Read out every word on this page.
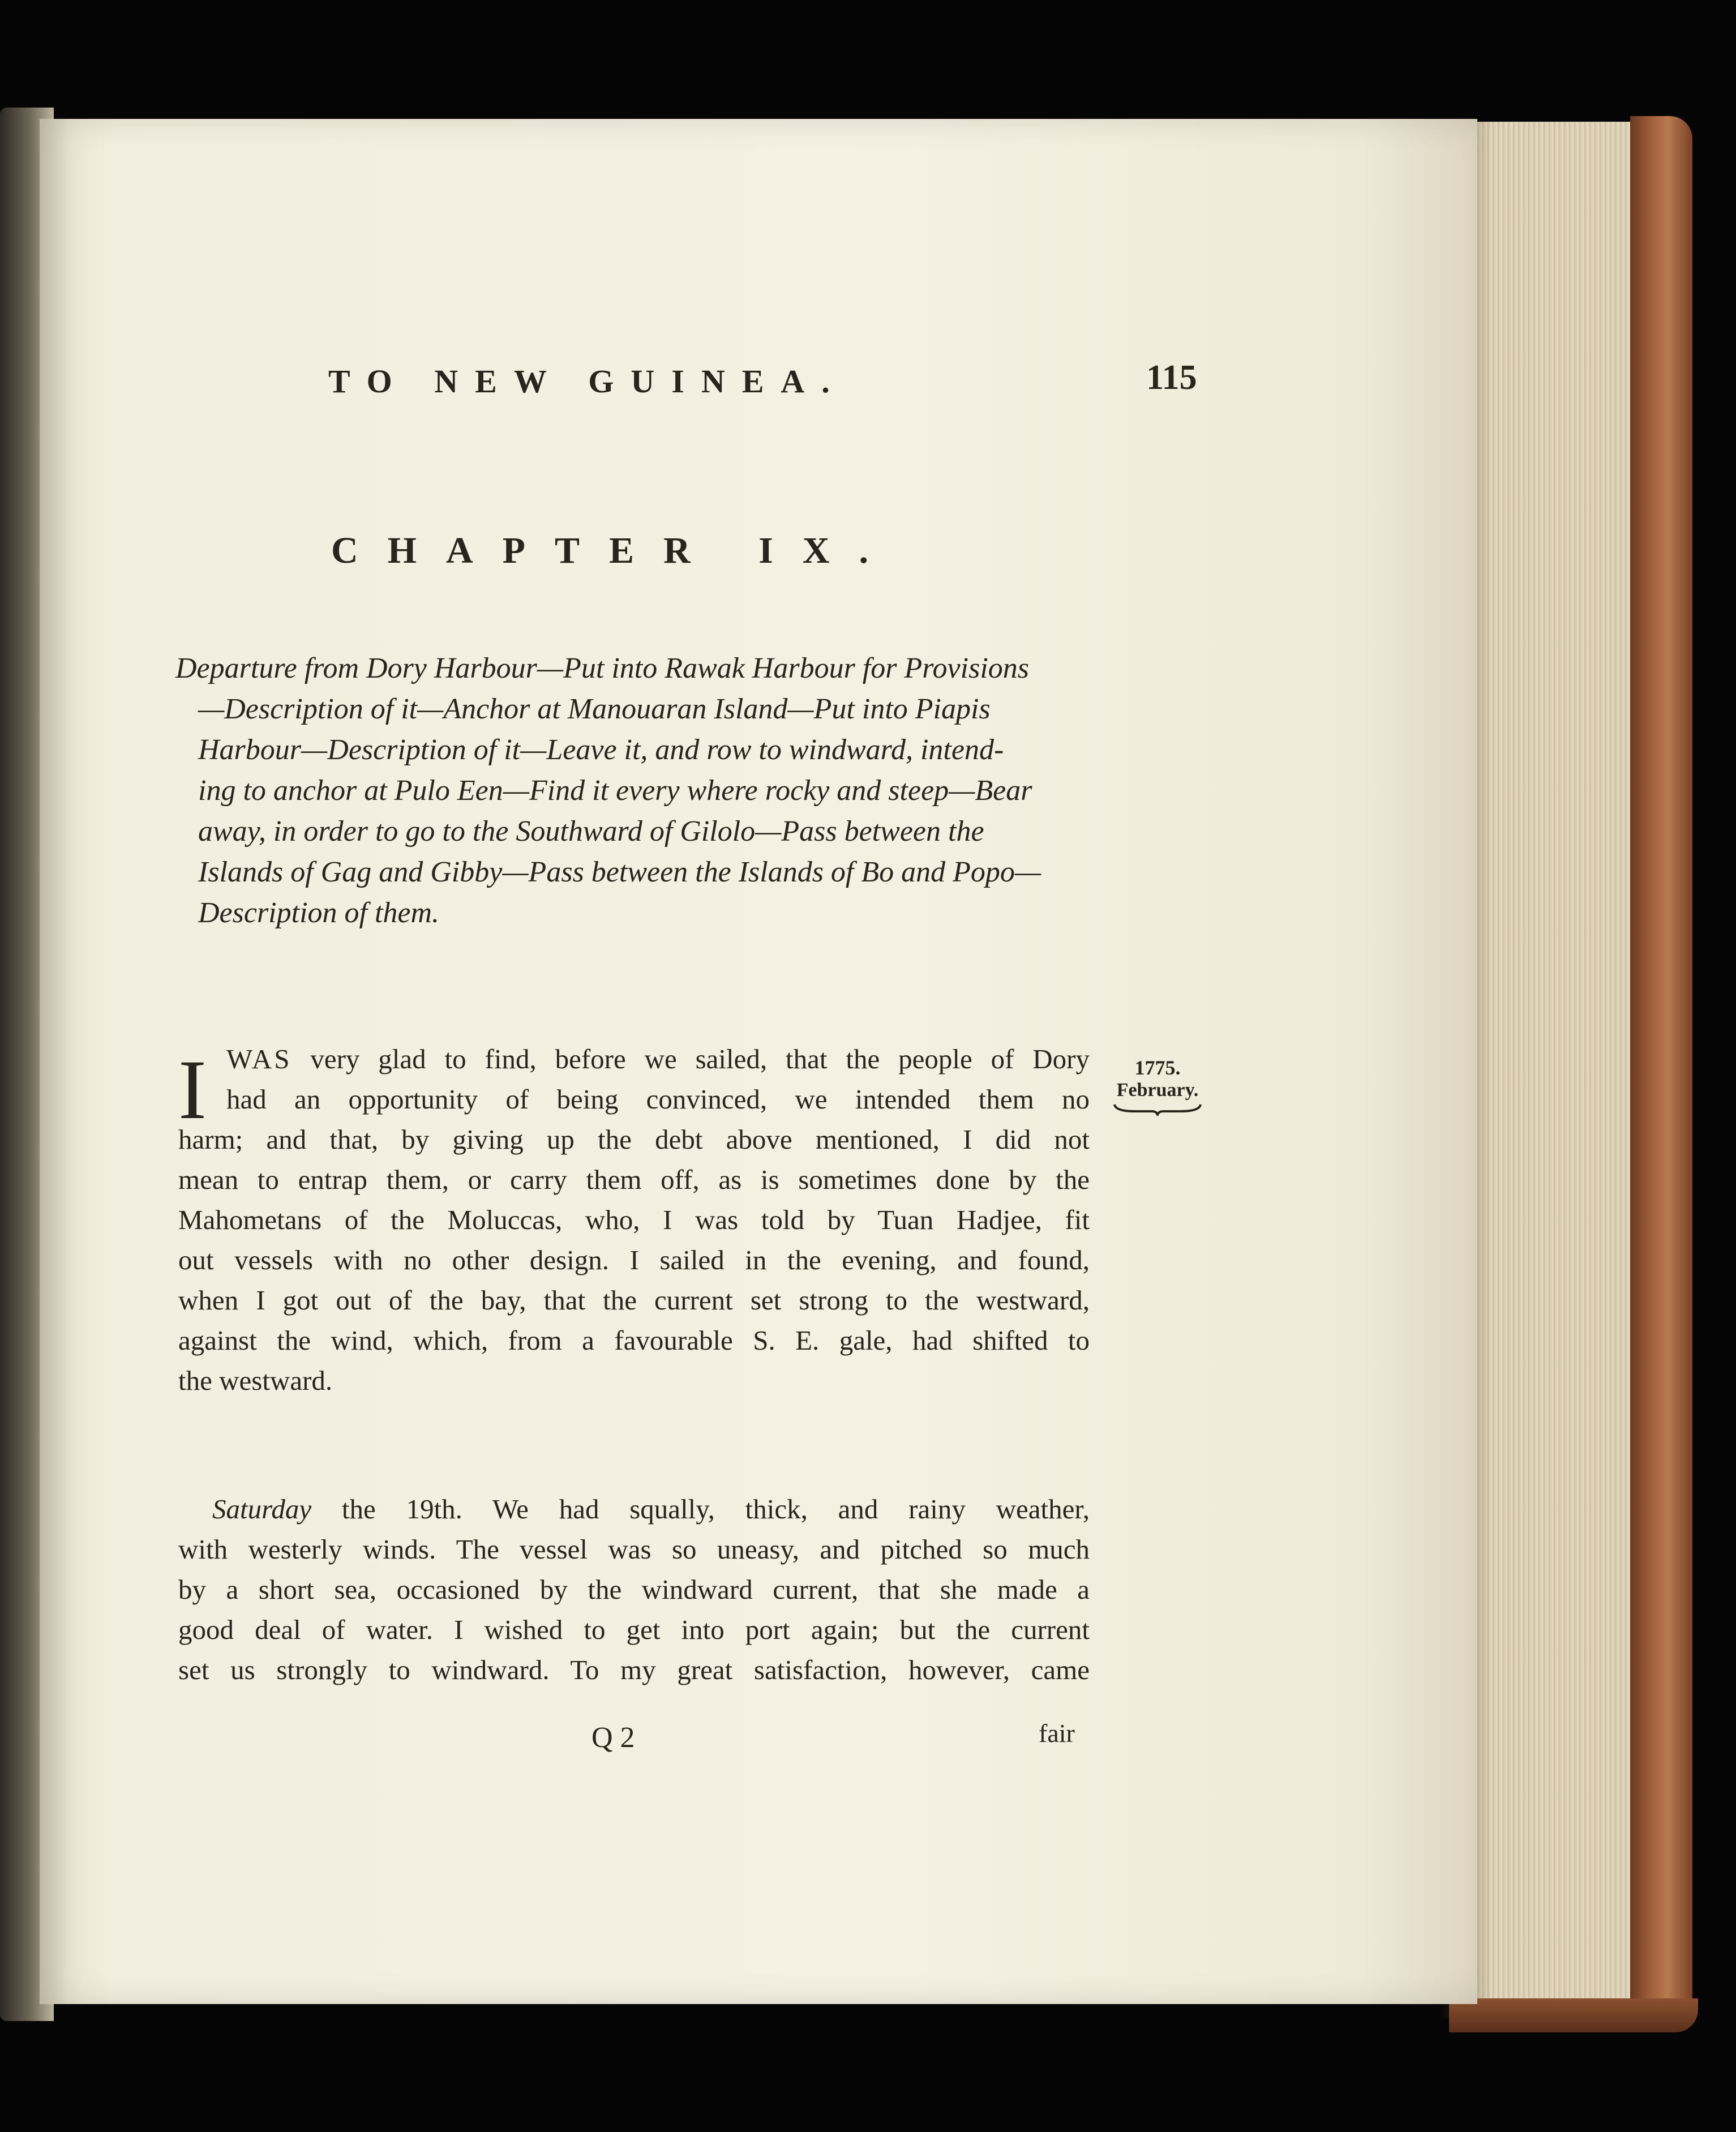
TO NEW GUINEA.	115
CHAPTER IX.
Departure from Dory Harbour—Put into Rawak Harbour for Provisions
—Description of it—Anchor at Manouaran Island—Put into Piapis
Harbour—Description of it—Leave it, and row to windward, intend-
ing to anchor at Pulo Een—Find it every where rocky and steep—Bear
away, in order to go to the Southward of Gilolo—Pass between the
Islands of Gag and Gibby—Pass between the Islands of Bo and Popo—
Description of them.
1775.
February.
I WAS very glad to find, before we sailed, that the people of Dory
had an opportunity of being convinced, we intended them no
harm; and that, by giving up the debt above mentioned, I did not
mean to entrap them, or carry them off, as is sometimes done by the
Mahometans of the Moluccas, who, I was told by Tuan Hadjee, fit
out vessels with no other design. I sailed in the evening, and found,
when I got out of the bay, that the current set strong to the westward,
against the wind, which, from a favourable S. E. gale, had shifted to
the westward.
Saturday the 19th. We had squally, thick, and rainy weather,
with westerly winds. The vessel was so uneasy, and pitched so much
by a short sea, occasioned by the windward current, that she made a
good deal of water. I wished to get into port again; but the current
set us strongly to windward. To my great satisfaction, however, came
Q 2	fair
